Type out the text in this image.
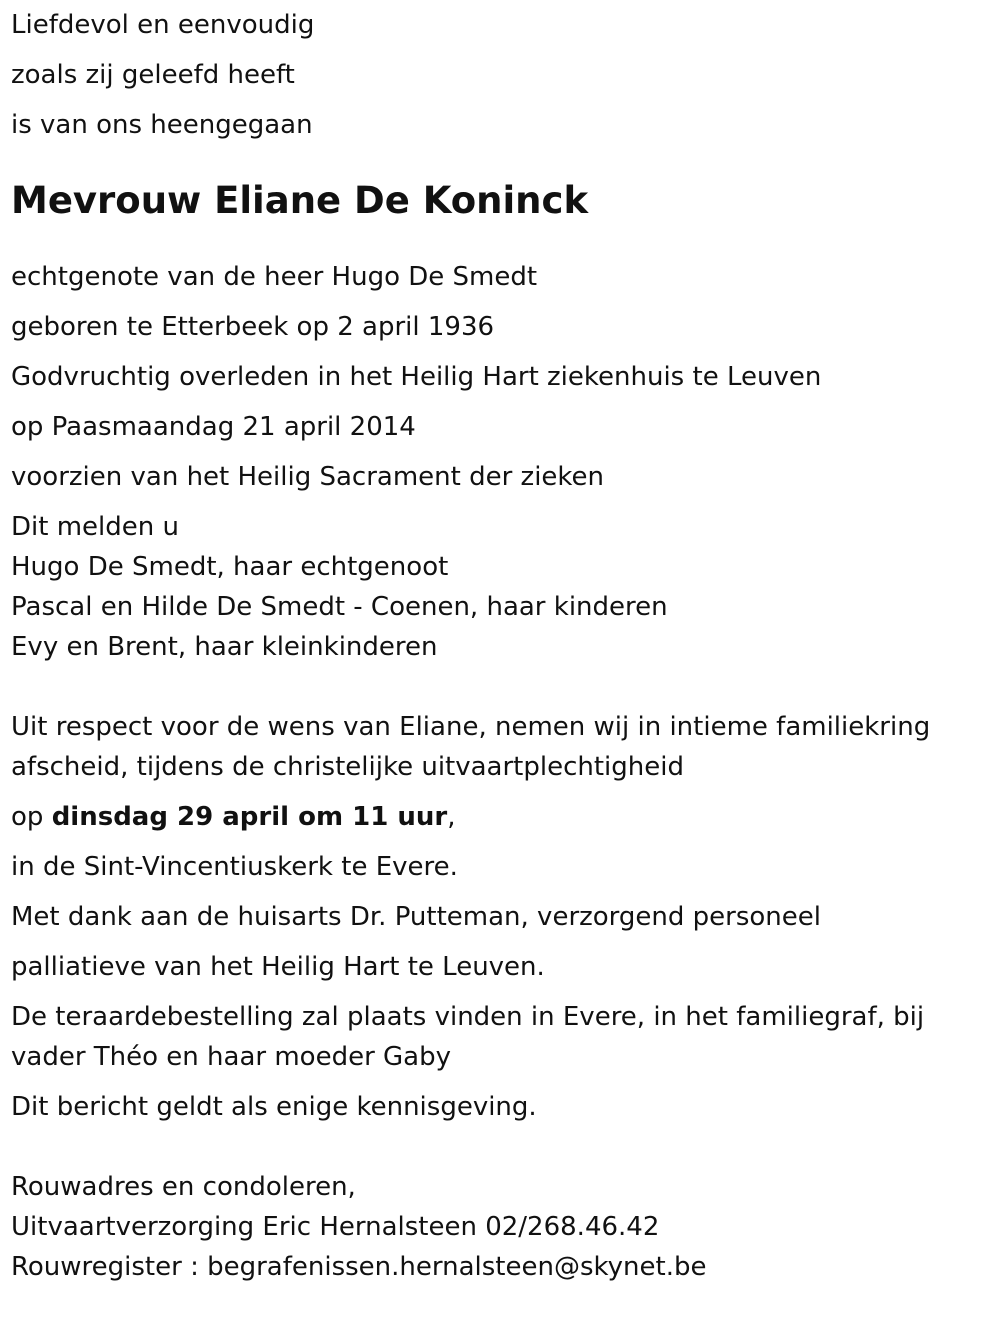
Liefdevol en eenvoudig

zoals zij geleefd heeft

is van ons heengegaan

Mevrouw Eliane De Koninck

echtgenote van de heer Hugo De Smedt

geboren te Etterbeek op 2 april 1936

Godvruchtig overleden in het Heilig Hart ziekenhuis te Leuven

op Paasmaandag 21 april 2014

voorzien van het Heilig Sacrament der zieken

Dit melden u

Hugo De Smedt, haar echtgenoot

Pascal en Hilde De Smedt - Coenen, haar kinderen

Evy en Brent, haar kleinkinderen

Uit respect voor de wens van Eliane, nemen wij in intieme familiekring afscheid, tijdens de christelijke uitvaartplechtigheid

op dinsdag 29 april om 11 uur,

in de Sint-Vincentiuskerk te Evere.

Met dank aan de huisarts Dr. Putteman, verzorgend personeel

palliatieve van het Heilig Hart te Leuven.

De teraardebestelling zal plaats vinden in Evere, in het familiegraf, bij vader Théo en haar moeder Gaby

Dit bericht geldt als enige kennisgeving.

Rouwadres en condoleren,

Uitvaartverzorging Eric Hernalsteen 02/268.46.42

Rouwregister : begrafenissen.hernalsteen@skynet.be
